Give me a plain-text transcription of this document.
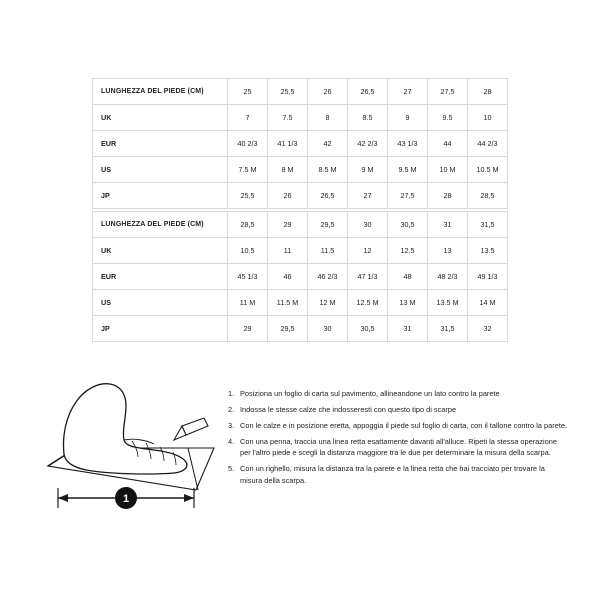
LUNGHEZZA DEL PIEDE (CM)	25	25,5	26	26,5	27	27,5	28
UK	7	7.5	8	8.5	9	9.5	10
EUR	40 2/3	41 1/3	42	42 2/3	43 1/3	44	44 2/3
US	7.5 M	8 M	8.5 M	9 M	9.5 M	10 M	10.5 M
JP	25,5	26	26,5	27	27,5	28	28,5
LUNGHEZZA DEL PIEDE (CM)	28,5	29	29,5	30	30,5	31	31,5
UK	10.5	11	11.5	12	12.5	13	13.5
EUR	45 1/3	46	46 2/3	47 1/3	48	48 2/3	49 1/3
US	11 M	11.5 M	12 M	12.5 M	13 M	13.5 M	14 M
JP	29	29,5	30	30,5	31	31,5	32
1
1. Posiziona un foglio di carta sul pavimento, allineandone un lato contro la parete
2. Indossa le stesse calze che indosseresti con questo tipo di scarpe
3. Con le calze e in posizione eretta, appoggia il piede sul foglio di carta, con il tallone contro la parete.
4. Con una penna, traccia una linea retta esattamente davanti all'alluce. Ripeti la stessa operazione per l'altro piede e scegli la distanza maggiore tra le due per determinare la misura della scarpa.
5. Con un righello, misura la distanza tra la parete e la linea retta che hai tracciato per trovare la misura della scarpa.
